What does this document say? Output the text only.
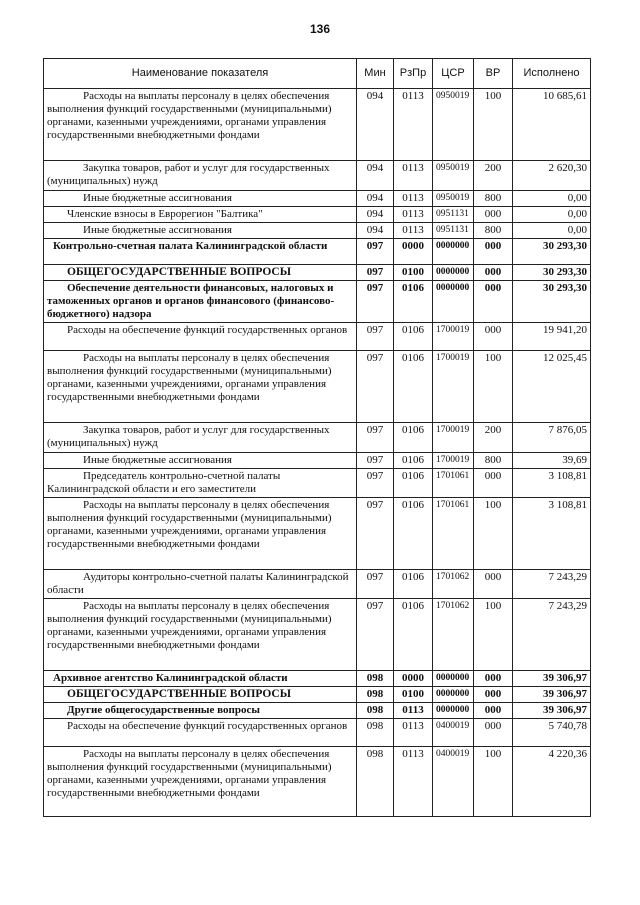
136
Наименование показателя	Мин	РзПр	ЦСР	ВР	Исполнено
Расходы на выплаты персоналу в целях обеспечения выполнения функций государственными (муниципальными) органами, казенными учреждениями, органами управления государственными внебюджетными фондами	094	0113	0950019	100	10 685,61
Закупка товаров, работ и услуг для государственных (муниципальных) нужд	094	0113	0950019	200	2 620,30
Иные бюджетные ассигнования	094	0113	0950019	800	0,00
Членские взносы в Еврорегион "Балтика"	094	0113	0951131	000	0,00
Иные бюджетные ассигнования	094	0113	0951131	800	0,00
Контрольно-счетная палата Калининградской области	097	0000	0000000	000	30 293,30
ОБЩЕГОСУДАРСТВЕННЫЕ ВОПРОСЫ	097	0100	0000000	000	30 293,30
Обеспечение деятельности финансовых, налоговых и таможенных органов и органов финансового (финансово-бюджетного) надзора	097	0106	0000000	000	30 293,30
Расходы на обеспечение функций государственных органов	097	0106	1700019	000	19 941,20
Расходы на выплаты персоналу в целях обеспечения выполнения функций государственными (муниципальными) органами, казенными учреждениями, органами управления государственными внебюджетными фондами	097	0106	1700019	100	12 025,45
Закупка товаров, работ и услуг для государственных (муниципальных) нужд	097	0106	1700019	200	7 876,05
Иные бюджетные ассигнования	097	0106	1700019	800	39,69
Председатель контрольно-счетной палаты Калининградской области и его заместители	097	0106	1701061	000	3 108,81
Расходы на выплаты персоналу в целях обеспечения выполнения функций государственными (муниципальными) органами, казенными учреждениями, органами управления государственными внебюджетными фондами	097	0106	1701061	100	3 108,81
Аудиторы контрольно-счетной палаты Калининградской области	097	0106	1701062	000	7 243,29
Расходы на выплаты персоналу в целях обеспечения выполнения функций государственными (муниципальными) органами, казенными учреждениями, органами управления государственными внебюджетными фондами	097	0106	1701062	100	7 243,29
Архивное агентство Калининградской области	098	0000	0000000	000	39 306,97
ОБЩЕГОСУДАРСТВЕННЫЕ ВОПРОСЫ	098	0100	0000000	000	39 306,97
Другие общегосударственные вопросы	098	0113	0000000	000	39 306,97
Расходы на обеспечение функций государственных органов	098	0113	0400019	000	5 740,78
Расходы на выплаты персоналу в целях обеспечения выполнения функций государственными (муниципальными) органами, казенными учреждениями, органами управления государственными внебюджетными фондами	098	0113	0400019	100	4 220,36
